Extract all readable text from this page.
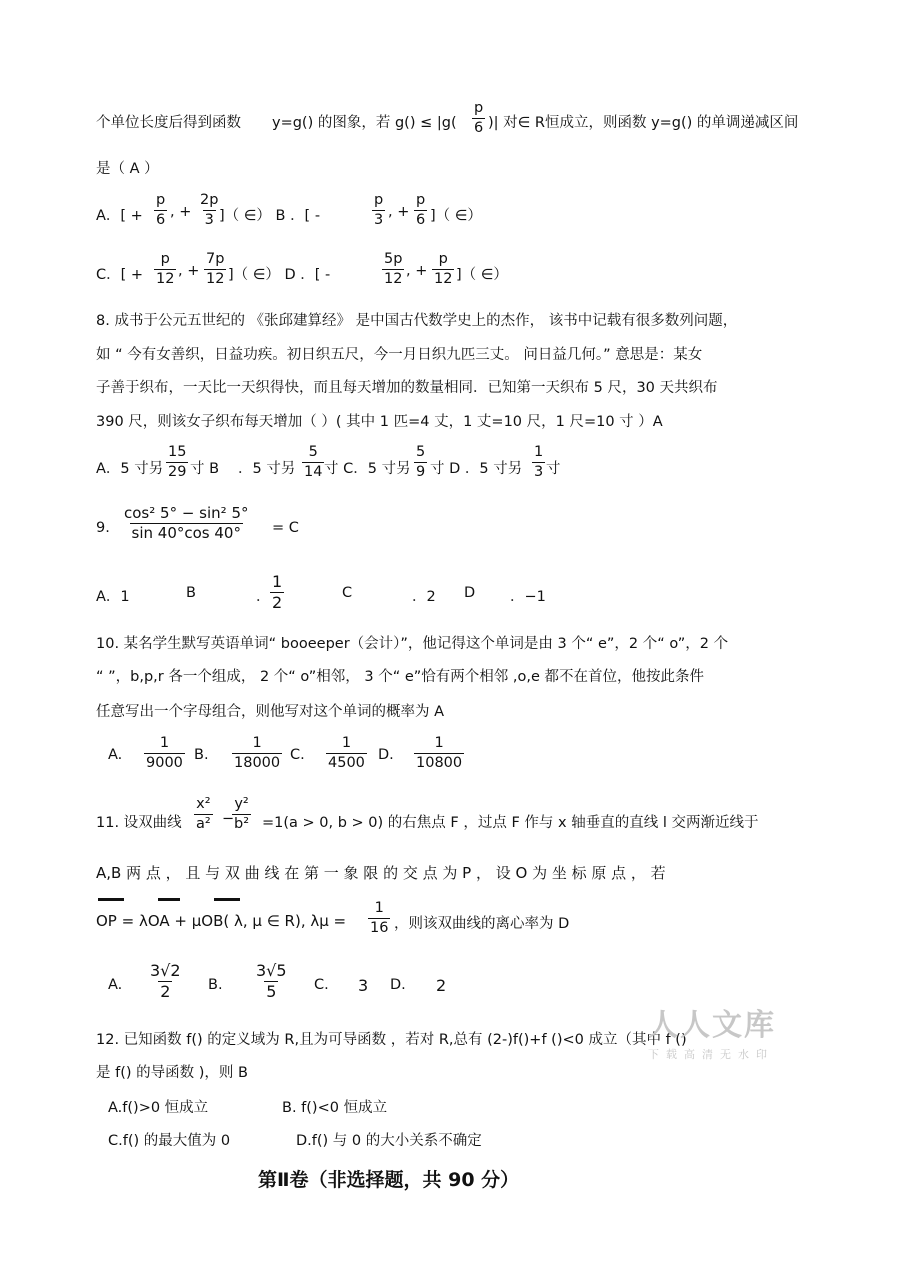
个单位长度后得到函数 y=g() 的图象，若 $g() \le |g( \frac{p}{6}$ )| 对∈ R恒成立，则函数 y=g() 的单调递减区间
是（ A ）
A．[ + $\frac{p}{6}$ , + $\frac{2p}{3}$
]（ ∈） B ．[ -	$\frac{p}{3}$ , + $\frac{p}{6}$ ]（ ∈）
C．[ + $\frac{p}{12}$ , + $\frac{7p}{12}$ ]（ ∈） D ．[ -	$\frac{5p}{12}$ , + $\frac{p}{12}$ ]（ ∈）
8. 成书于公元五世纪的 《张邱建算经》 是中国古代数学史上的杰作， 该书中记载有很多数列问题，
如 “ 今有女善织，日益功疾。初日织五尺，今一月日织九匹三丈。 问日益几何。” 意思是：某女
子善于织布，一天比一天织得快，而且每天增加的数量相同．已知第一天织布 5 尺，30 天共织布
390 尺，则该女子织布每天增加（ ）( 其中 1 匹=4 丈，1 丈=10 尺，1 尺=10 寸 ）A
A．5 寸另 $\frac{15}{29}$ 寸 B ．5 寸另 $\frac{5}{14}$ 寸 C．5 寸另 $\frac{5}{9}$ 寸 D ．5 寸另 $\frac{1}{3}$ 寸
9. $\frac{\text{cos² 5° − sin² 5°}}{\sin 40^\circ\cos 40^\circ} = C$
A．1	B	． $\frac{1}{2}$	C	．2 D ．−1
10. 某名学生默写英语单词“ booeeper（会计）”，他记得这个单词是由 3 个“ e”，2 个“ o”，2 个
“ ”，b,p,r 各一个组成， 2 个“ o”相邻， 3 个“ e”恰有两个相邻 ,o,e 都不在首位，他按此条件
任意写出一个字母组合，则他写对这个单词的概率为 A
A. $\frac{1}{9000} B$. $\frac{1}{18000} C$. $\frac{1}{4500} D$. $\frac{1}{10800}$
11. 设双曲线 $\frac{\text{x²}}{\text{a²}}$ −
$\frac{\text{y²}}{\text{b²}} =1(a > 0$, b > 0) 的右焦点 F ，过点 F 作与 x 轴垂直的直线 l 交两渐近线于
A,B 两 点 ， 且 与 双 曲 线 在 第 一 象 限 的 交 点 为 P ， 设 O 为 坐 标 原 点 ， 若
OP = λOA + μOB( λ, μ ∈ R), $\lambda\mu = \frac{1}{16}$ ，则该双曲线的离心率为 D
A. $\frac{3√2}{2} B$. $\frac{3√5}{5} C$. 3 D. 2
12. 已知函数 f() 的定义域为 R,且为可导函数 ，若对 R,总有 (2-)f()+f ()<0 成立（其中 f ()
是 f() 的导函数 )，则 B
A.f()>0 恒成立	B. f()<0 恒成立
C.f() 的最大值为 0	D.f() 与 0 的大小关系不确定
第Ⅱ卷（非选择题，共 90 分）
人人文库
下载高清无水印
